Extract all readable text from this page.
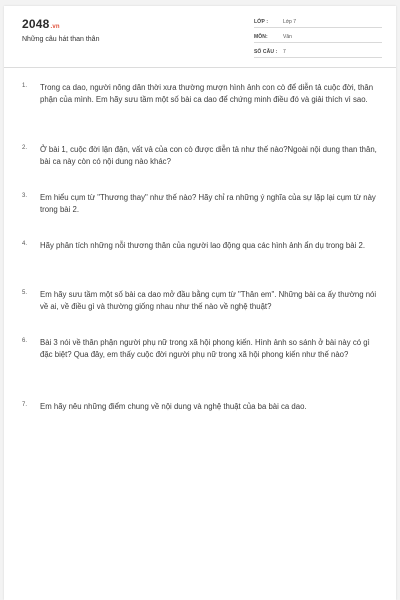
2048.vn
Những câu hát than thân
LỚP :	Lớp 7
MÔN:	Văn
SỐ CÂU : 7
1. Trong ca dao, người nông dân thời xưa thường mượn hình ảnh con cò để diễn tả cuộc đời, thân phận của mình. Em hãy sưu tầm một số bài ca dao để chứng minh điều đó và giải thích vì sao.
2. Ở bài 1, cuộc đời lận đận, vất vả của con cò được diễn tả như thế nào?Ngoài nội dung than thân, bài ca này còn có nội dung nào khác?
3. Em hiểu cụm từ "Thương thay" như thế nào? Hãy chỉ ra những ý nghĩa của sự lặp lại cụm từ này trong bài 2.
4. Hãy phân tích những nỗi thương thân của người lao động qua các hình ảnh ẩn dụ trong bài 2.
5. Em hãy sưu tầm một số bài ca dao mở đầu bằng cụm từ "Thân em". Những bài ca ấy thường nói về ai, về điều gì và thường giống nhau như thế nào về nghệ thuật?
6. Bài 3 nói về thân phận người phụ nữ trong xã hội phong kiến. Hình ảnh so sánh ở bài này có gì đặc biệt? Qua đây, em thấy cuộc đời người phụ nữ trong xã hội phong kiến như thế nào?
7. Em hãy nêu những điểm chung về nội dung và nghệ thuật của ba bài ca dao.
